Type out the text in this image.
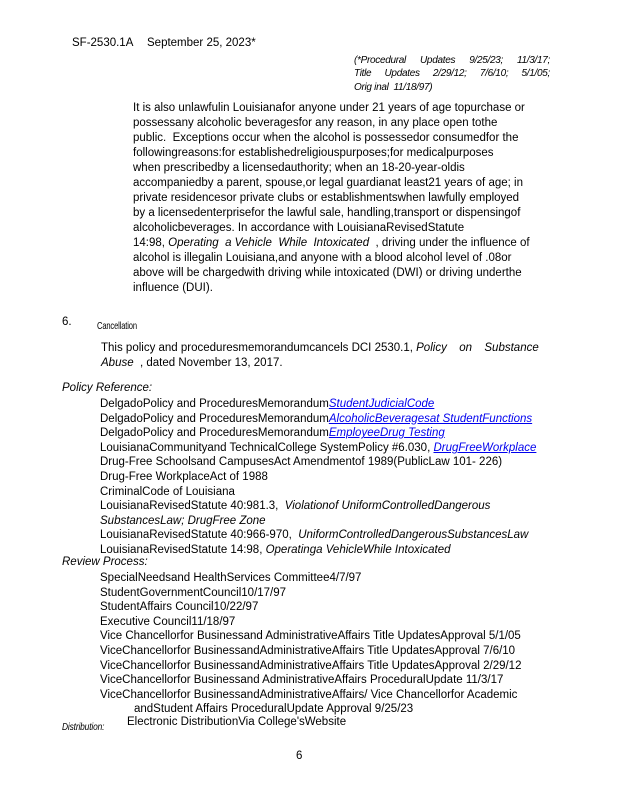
SF-2530.1A September 25, 2023*
(*Procedural Updates 9/25/23; 11/3/17;
Title Updates 2/29/12; 7/6/10; 5/1/05;
Orig inal  11/18/97)
It is also unlawfulin Louisianafor anyone under 21 years of age topurchase or
possessany alcoholic beveragesfor any reason, in any place open tothe
public.  Exceptions occur when the alcohol is possessedor consumedfor the
followingreasons:for establishedreligiouspurposes;for medicalpurposes
when prescribedby a licensedauthority; when an 18-20-year-oldis
accompaniedby a parent, spouse,or legal guardianat least21 years of age; in
private residencesor private clubs or establishmentswhen lawfully employed
by a licensedenterprisefor the lawful sale, handling,transport or dispensingof
alcoholicbeverages. In accordance with LouisianaRevisedStatute
14:98, Operating  a Vehicle  While  Intoxicated  , driving under the influence of
alcohol is illegalin Louisiana,and anyone with a blood alcohol level of .08or
above will be chargedwith driving while intoxicated (DWI) or driving underthe
influence (DUI).
6. Cancellation
This policy and proceduresmemorandumcancels DCI 2530.1, Policy  on  Substance
Abuse  , dated November 13, 2017.
Policy Reference:
DelgadoPolicy and ProceduresMemorandumStudentJudicialCode
DelgadoPolicy and ProceduresMemorandumAlcoholicBeveragesat StudentFunctions
DelgadoPolicy and ProceduresMemorandumEmployeeDrug Testing
LouisianaCommunityand TechnicalCollege SystemPolicy #6.030, DrugFreeWorkplace
Drug-Free Schoolsand CampusesAct Amendmentof 1989(PublicLaw 101- 226)
Drug-Free WorkplaceAct of 1988
CriminalCode of Louisiana
LouisianaRevisedStatute 40:981.3,  Violationof UniformControlledDangerous
SubstancesLaw; DrugFree Zone
LouisianaRevisedStatute 40:966-970,  UniformControlledDangerousSubstancesLaw
LouisianaRevisedStatute 14:98, Operatinga VehicleWhile Intoxicated
Review Process:
SpecialNeedsand HealthServices Committee4/7/97
StudentGovernmentCouncil10/17/97
StudentAffairs Council10/22/97
Executive Council11/18/97
Vice Chancellorfor Businessand AdministrativeAffairs Title UpdatesApproval 5/1/05
ViceChancellorfor BusinessandAdministrativeAffairs Title UpdatesApproval 7/6/10
ViceChancellorfor BusinessandAdministrativeAffairs Title UpdatesApproval 2/29/12
ViceChancellorfor Businessand AdministrativeAffairs ProceduralUpdate 11/3/17
ViceChancellorfor BusinessandAdministrativeAffairs/ Vice Chancellorfor Academic
andStudent Affairs ProceduralUpdate Approval 9/25/23
Distribution:	Electronic DistributionVia College'sWebsite
6
